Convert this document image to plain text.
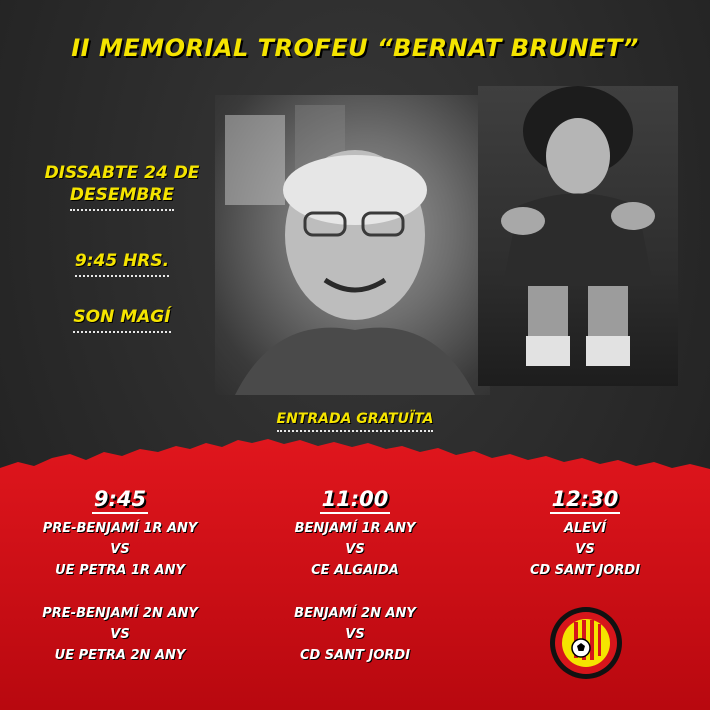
II MEMORIAL TROFEU “BERNAT BRUNET”
DISSABTE 24 DE
DESEMBRE
9:45 HRS.
SON MAGÍ
ENTRADA GRATUÏTA
9:45
PRE-BENJAMÍ 1R ANY
VS
UE PETRA 1R ANY
PRE-BENJAMÍ 2N ANY
VS
UE PETRA 2N ANY
11:00
BENJAMÍ 1R ANY
VS
CE ALGAIDA
BENJAMÍ 2N ANY
VS
CD SANT JORDI
12:30
ALEVÍ
VS
CD SANT JORDI
